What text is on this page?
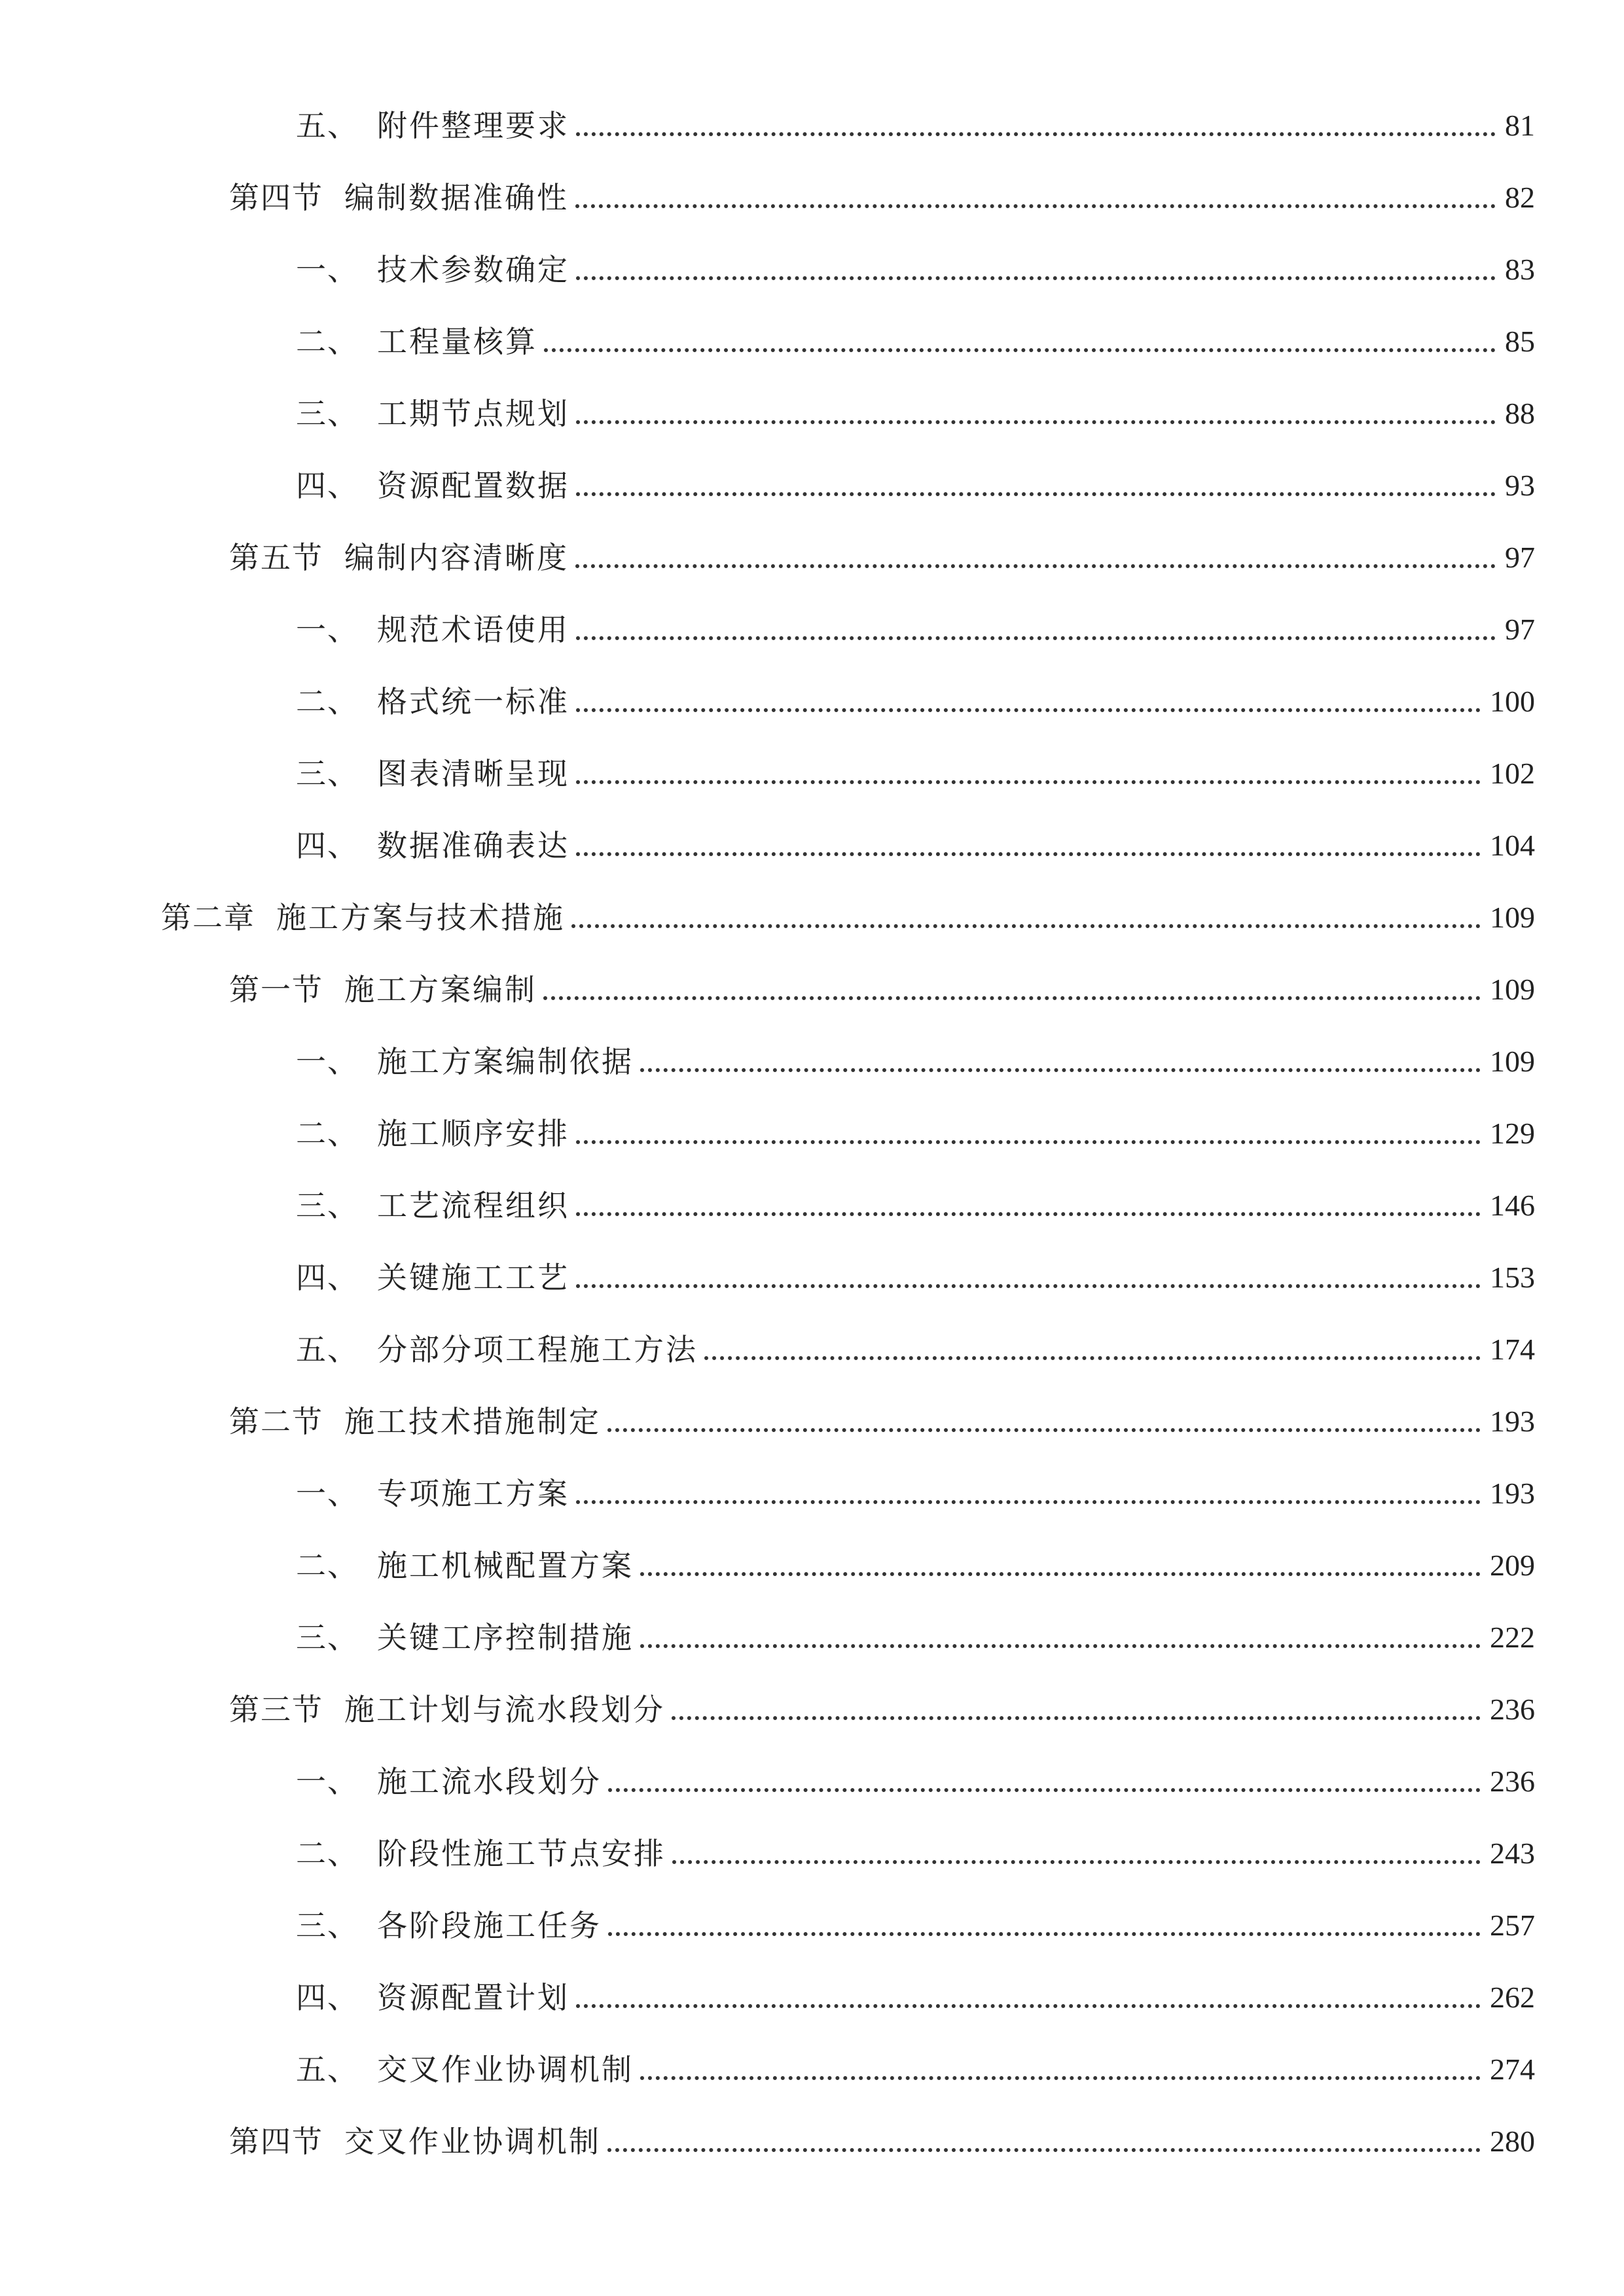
五、 附件整理要求	81
第四节 编制数据准确性	82
一、 技术参数确定	83
二、 工程量核算	85
三、 工期节点规划	88
四、 资源配置数据	93
第五节 编制内容清晰度	97
一、 规范术语使用	97
二、 格式统一标准	100
三、 图表清晰呈现	102
四、 数据准确表达	104
第二章 施工方案与技术措施	109
第一节 施工方案编制	109
一、 施工方案编制依据	109
二、 施工顺序安排	129
三、 工艺流程组织	146
四、 关键施工工艺	153
五、 分部分项工程施工方法	174
第二节 施工技术措施制定	193
一、 专项施工方案	193
二、 施工机械配置方案	209
三、 关键工序控制措施	222
第三节 施工计划与流水段划分	236
一、 施工流水段划分	236
二、 阶段性施工节点安排	243
三、 各阶段施工任务	257
四、 资源配置计划	262
五、 交叉作业协调机制	274
第四节 交叉作业协调机制	280
